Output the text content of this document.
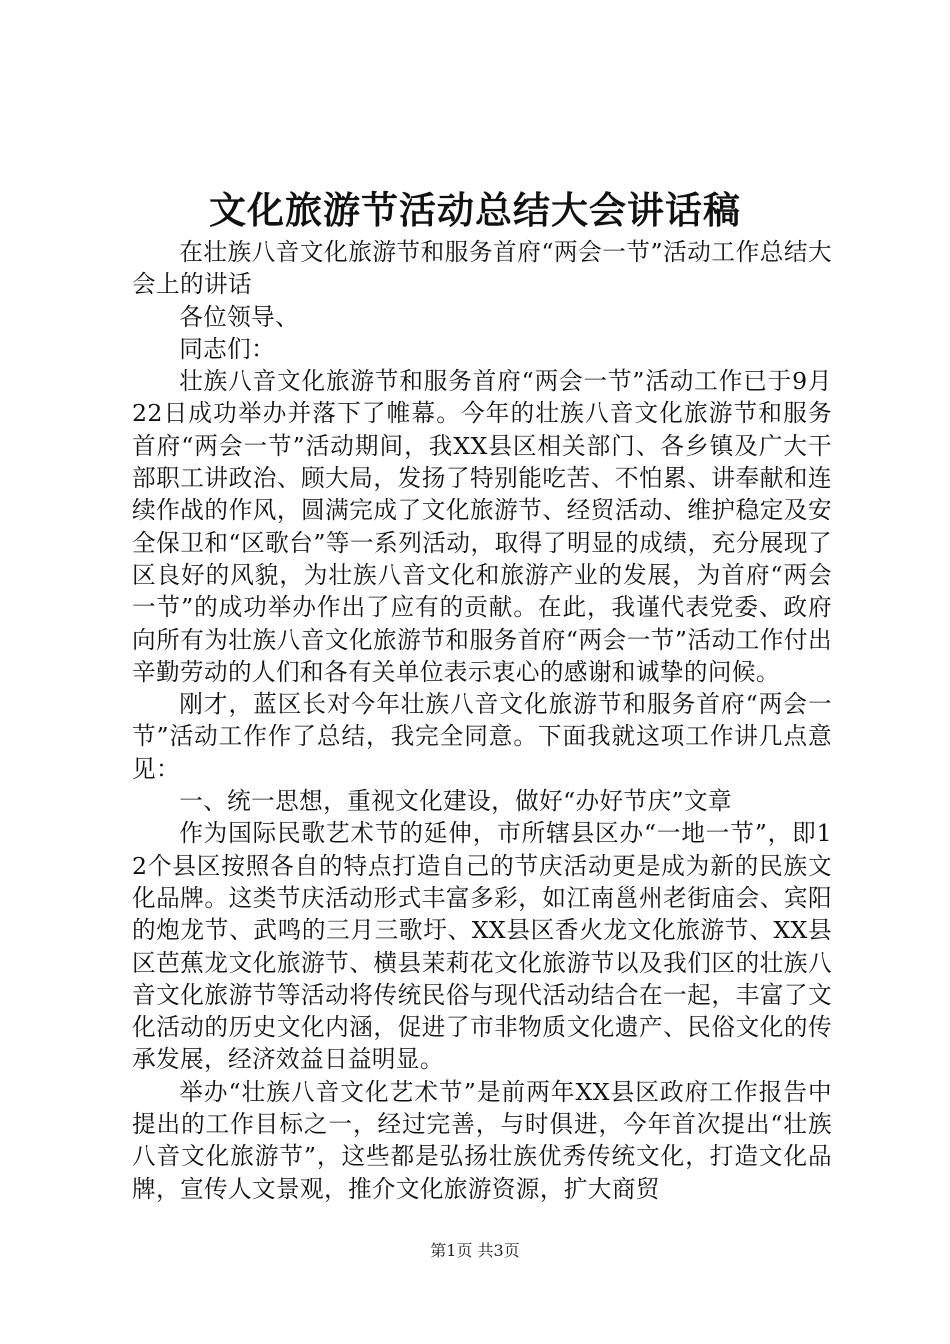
文化旅游节活动总结大会讲话稿

在壮族八音文化旅游节和服务首府“两会一节”活动工作总结大会上的讲话

各位领导、

同志们：

壮族八音文化旅游节和服务首府“两会一节”活动工作已于9月22日成功举办并落下了帷幕。今年的壮族八音文化旅游节和服务首府“两会一节”活动期间，我XX县区相关部门、各乡镇及广大干部职工讲政治、顾大局，发扬了特别能吃苦、不怕累、讲奉献和连续作战的作风，圆满完成了文化旅游节、经贸活动、维护稳定及安全保卫和“区歌台”等一系列活动，取得了明显的成绩，充分展现了区良好的风貌，为壮族八音文化和旅游产业的发展，为首府“两会一节”的成功举办作出了应有的贡献。在此，我谨代表党委、政府向所有为壮族八音文化旅游节和服务首府“两会一节”活动工作付出辛勤劳动的人们和各有关单位表示衷心的感谢和诚挚的问候。

刚才，蓝区长对今年壮族八音文化旅游节和服务首府“两会一节”活动工作作了总结，我完全同意。下面我就这项工作讲几点意见：

一、统一思想，重视文化建设，做好“办好节庆”文章

作为国际民歌艺术节的延伸，市所辖县区办“一地一节”，即12个县区按照各自的特点打造自己的节庆活动更是成为新的民族文化品牌。这类节庆活动形式丰富多彩，如江南邕州老街庙会、宾阳的炮龙节、武鸣的三月三歌圩、XX县区香火龙文化旅游节、XX县区芭蕉龙文化旅游节、横县茉莉花文化旅游节以及我们区的壮族八音文化旅游节等活动将传统民俗与现代活动结合在一起，丰富了文化活动的历史文化内涵，促进了市非物质文化遗产、民俗文化的传承发展，经济效益日益明显。

举办“壮族八音文化艺术节”是前两年XX县区政府工作报告中提出的工作目标之一，经过完善，与时俱进，今年首次提出“壮族八音文化旅游节”，这些都是弘扬壮族优秀传统文化，打造文化品牌，宣传人文景观，推介文化旅游资源，扩大商贸

第1页 共3页
